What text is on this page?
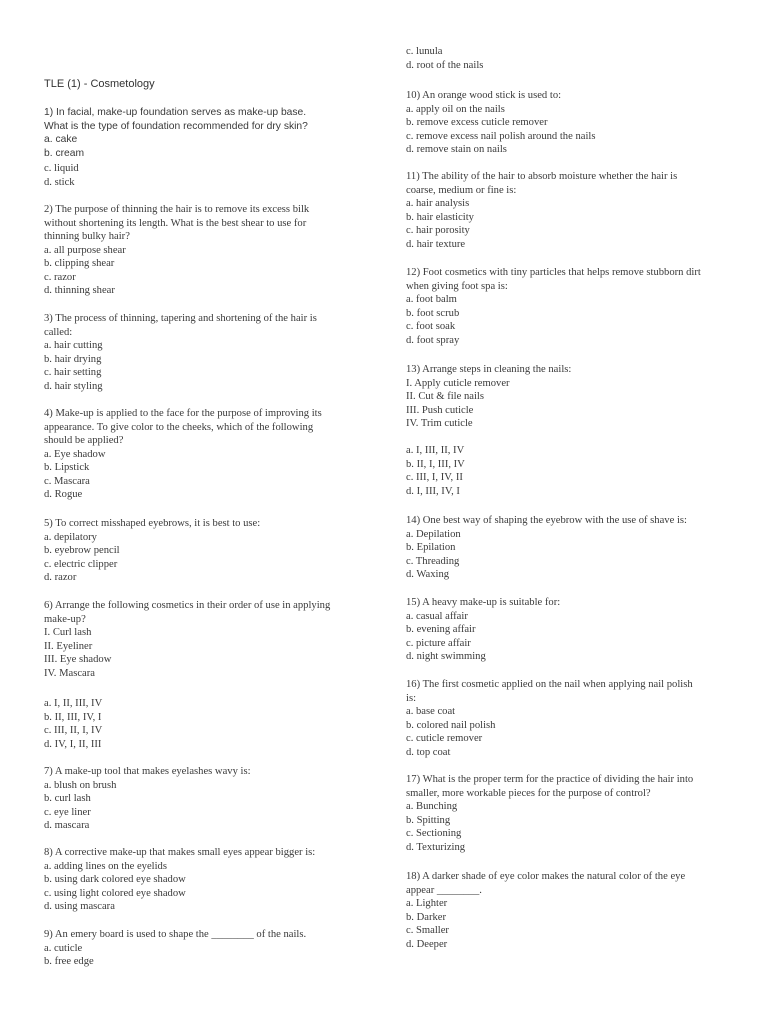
TLE (1) - Cosmetology
1) In facial, make-up foundation serves as make-up base.
What is the type of foundation recommended for dry skin?
a. cake
b. cream
c. liquid
d. stick
2) The purpose of thinning the hair is to remove its excess bilk
without shortening its length. What is the best shear to use for
thinning bulky hair?
a. all purpose shear
b. clipping shear
c. razor
d. thinning shear
3) The process of thinning, tapering and shortening of the hair is
called:
a. hair cutting
b. hair drying
c. hair setting
d. hair styling
4) Make-up is applied to the face for the purpose of improving its
appearance. To give color to the cheeks, which of the following
should be applied?
a. Eye shadow
b. Lipstick
c. Mascara
d. Rogue
5) To correct misshaped eyebrows, it is best to use:
a. depilatory
b. eyebrow pencil
c. electric clipper
d. razor
6) Arrange the following cosmetics in their order of use in applying
make-up?
I. Curl lash
II. Eyeliner
III. Eye shadow
IV. Mascara
a. I, II, III, IV
b. II, III, IV, I
c. III, II, I, IV
d. IV, I, II, III
7) A make-up tool that makes eyelashes wavy is:
a. blush on brush
b. curl lash
c. eye liner
d. mascara
8) A corrective make-up that makes small eyes appear bigger is:
a. adding lines on the eyelids
b. using dark colored eye shadow
c. using light colored eye shadow
d. using mascara
9) An emery board is used to shape the ________ of the nails.
a. cuticle
b. free edge
c. lunula
d. root of the nails
10) An orange wood stick is used to:
a. apply oil on the nails
b. remove excess cuticle remover
c. remove excess nail polish around the nails
d. remove stain on nails
11) The ability of the hair to absorb moisture whether the hair is
coarse, medium or fine is:
a. hair analysis
b. hair elasticity
c. hair porosity
d. hair texture
12) Foot cosmetics with tiny particles that helps remove stubborn dirt
when giving foot spa is:
a. foot balm
b. foot scrub
c. foot soak
d. foot spray
13) Arrange steps in cleaning the nails:
I. Apply cuticle remover
II. Cut & file nails
III. Push cuticle
IV. Trim cuticle
a. I, III, II, IV
b. II, I, III, IV
c. III, I, IV, II
d. I, III, IV, I
14) One best way of shaping the eyebrow with the use of shave is:
a. Depilation
b. Epilation
c. Threading
d. Waxing
15) A heavy make-up is suitable for:
a. casual affair
b. evening affair
c. picture affair
d. night swimming
16) The first cosmetic applied on the nail when applying nail polish
is:
a. base coat
b. colored nail polish
c. cuticle remover
d. top coat
17) What is the proper term for the practice of dividing the hair into
smaller, more workable pieces for the purpose of control?
a. Bunching
b. Spitting
c. Sectioning
d. Texturizing
18) A darker shade of eye color makes the natural color of the eye
appear ________.
a. Lighter
b. Darker
c. Smaller
d. Deeper
